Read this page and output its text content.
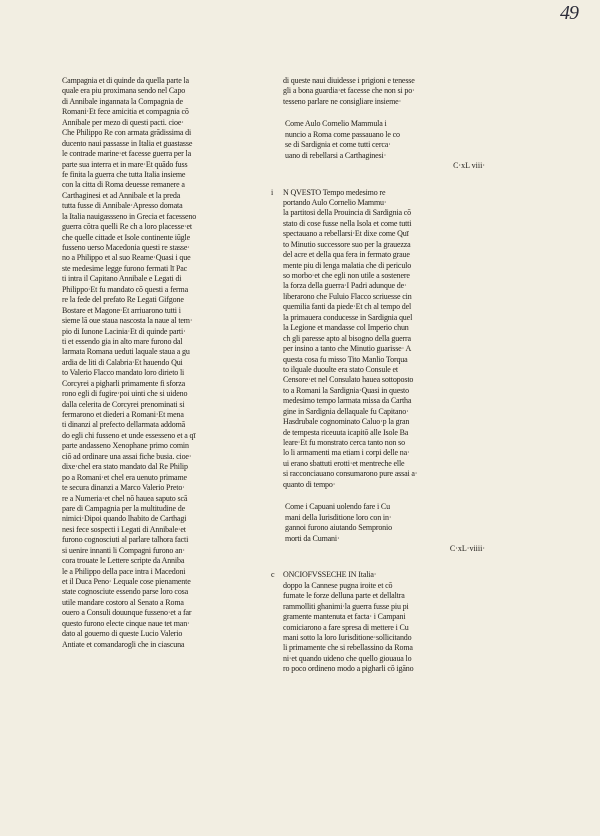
49
Campagnia et di quinde da quella parte la
quale era piu proximana sendo nel Capo
di Annibale ingannata la Compagnia de
Romani·Et fece amicitia et compagnia cō
Annibale per mezo di questi pacti. cioe·
Che Philippo Re con armata grādissima di
ducento naui passasse in Italia et guastasse
le contrade marine·et facesse guerra per la
parte sua interra et in mare·Et quādo fuss
fe finita la guerra che tutta Italia insieme
con la citta di Roma deuesse remanere a
Carthaginesi et ad Annibale et la preda
tutta fusse di Annibale·Apresso domata
la Italia nauigassseno in Grecia et facesseno
guerra cōtra quelli Re ch a loro placesse·et
che quelle cittade et Isole continente iūgle
fusseno uerso Macedonia questi re stasse·
no a Philippo et al suo Reame·Quasi i que
ste medesime legge furono fermati lī Pac
ti intra il Capitano Annibale e Legati di
Philippo·Et fu mandato cō questi a ferma
re la fede del prefato Re Legati Gifgone
Bostare et Magone·Et arriuarono tutti i
sieme lā oue staua nascosta la naue al tem·
pio di Iunone Lacinia·Et di quinde parti·
ti et essendo gia in alto mare furono dal
larmata Romana ueduti laquale staua a gu
ardia de liti di Calabria·Et hauendo Qui
to Valerio Flacco mandato loro dirieto li
Corcyrei a pigharli primamente fi sforza
rono egli di fugire·poi uinti che si uideno
dalla celerita de Corcyrei prenominati si
fermarono et diederi a Romani·Et mena
ti dinanzi al prefecto dellarmata addomā
do egli chi fusseno et unde essesseno et a qī
parte andasseno Xenophane primo comin
ciō ad ordinare una assai fiche busia. cioe·
dixe·chel era stato mandato dal Re Philip
po a Romani·et chel era uenuto primame
te secura dinanzi a Marco Valerio Preto·
re a Numeria·et chel nō haueа saputo scā
pare di Campagnia per la multitudine de
nimici·Dipoi quando lhabito de Carthagi
nesi fece sospecti i Legati di Annibale·et
furono cognosciuti al parlare talhora facti
si uenire innanti li Compagni furono an·
cora trouate le Lettere scripte da Anniba
le a Philippo della pace intra i Macedoni
et il Duca Peno· Lequale cose pienamente
state cognosciute essendo parse loro cosa
utile mandare costoro al Senato a Roma
ouero a Consuli douunque fusseno·et a far
questo furono electe cinque naue tet man·
dato al gouerno di queste Lucio Valerio
Antiate et comandarogli che in ciascuna
di queste naui diuidesse i prigioni e tenesse
gli a bona guardia·et facesse che non si po·
tesseno parlare ne consigliare insieme·
Come Aulo Cornelio Mammula i
nuncio a Roma come passauano le co
se di Sardignia et come tutti cerca·
uano di rebellarsi a Carthaginesi·
C·xL viii·
i N QVESTO Tempo medesimo re
portando Aulo Cornelio Mammu·
la partitosi della Prouincia di Sardignia cō
stato di cose fusse nella Isola et come tutti
spectauano a rebellarsi·Et dixe come Quī
to Minutio successore suo per la grauezza
del acre et della qua fera in fermato graue
mente piu di lenga malatia che di periculo
so morbo·et che egli non utile a sostenere
la forza della guerra·I Padri adunque de·
liberarono che Fuluio Flacco scriuesse cin
quemilia fanti da piede·Et ch al tempo del
la primauera conducesse in Sardignia quel
la Legione et mandasse col Imperio chun
ch gli paresse apto al bisogno della guerra
per insino a tanto che Minutio guarisse· A
questa cosa fu misso Tito Manlio Torqua
to ilquale duoulte era stato Consule et
Censore·et nel Consulato hauea sottoposto
to a Romani la Sardignia·Quasi in questo
medesimo tempo larmata missa da Cartha
gine in Sardignia dellaquale fu Capitano·
Hasdrubale cognominato Caluo·p la gran
de tempesta riceuuta icapitō alle Isole Ba
leare·Et fu monstrato cerca tanto non so
lo li armamenti ma etiam i corpi delle na·
ui erano sbattuti erotti·et mentreche elle
si racconciauano consumarono pure assai a·
quanto di tempo·
Come i Capuani uolendo fare i Cu
mani della Iurisditione loro con in·
gannoi furono aiutando Sempronio
morti da Cumani·
C·xL·viiii·
c ONCIOFVSSECHE IN Italia·
doppo la Cannese pugna iroite et cō
fumate le forze delluna parte et dellaltra
rammolliti ghanimi·la guerra fusse piu pi
gramente mantenuta et facta· i Campani
comiciarono a fare spresa di mettere i Cu
mani sotto la loro Iurisditione·sollicitando
li primamente che si rebellassino da Roma
ni·et quando uideno che quello giouaua lo
ro poco ordineno modo a pigharli cō igāno
